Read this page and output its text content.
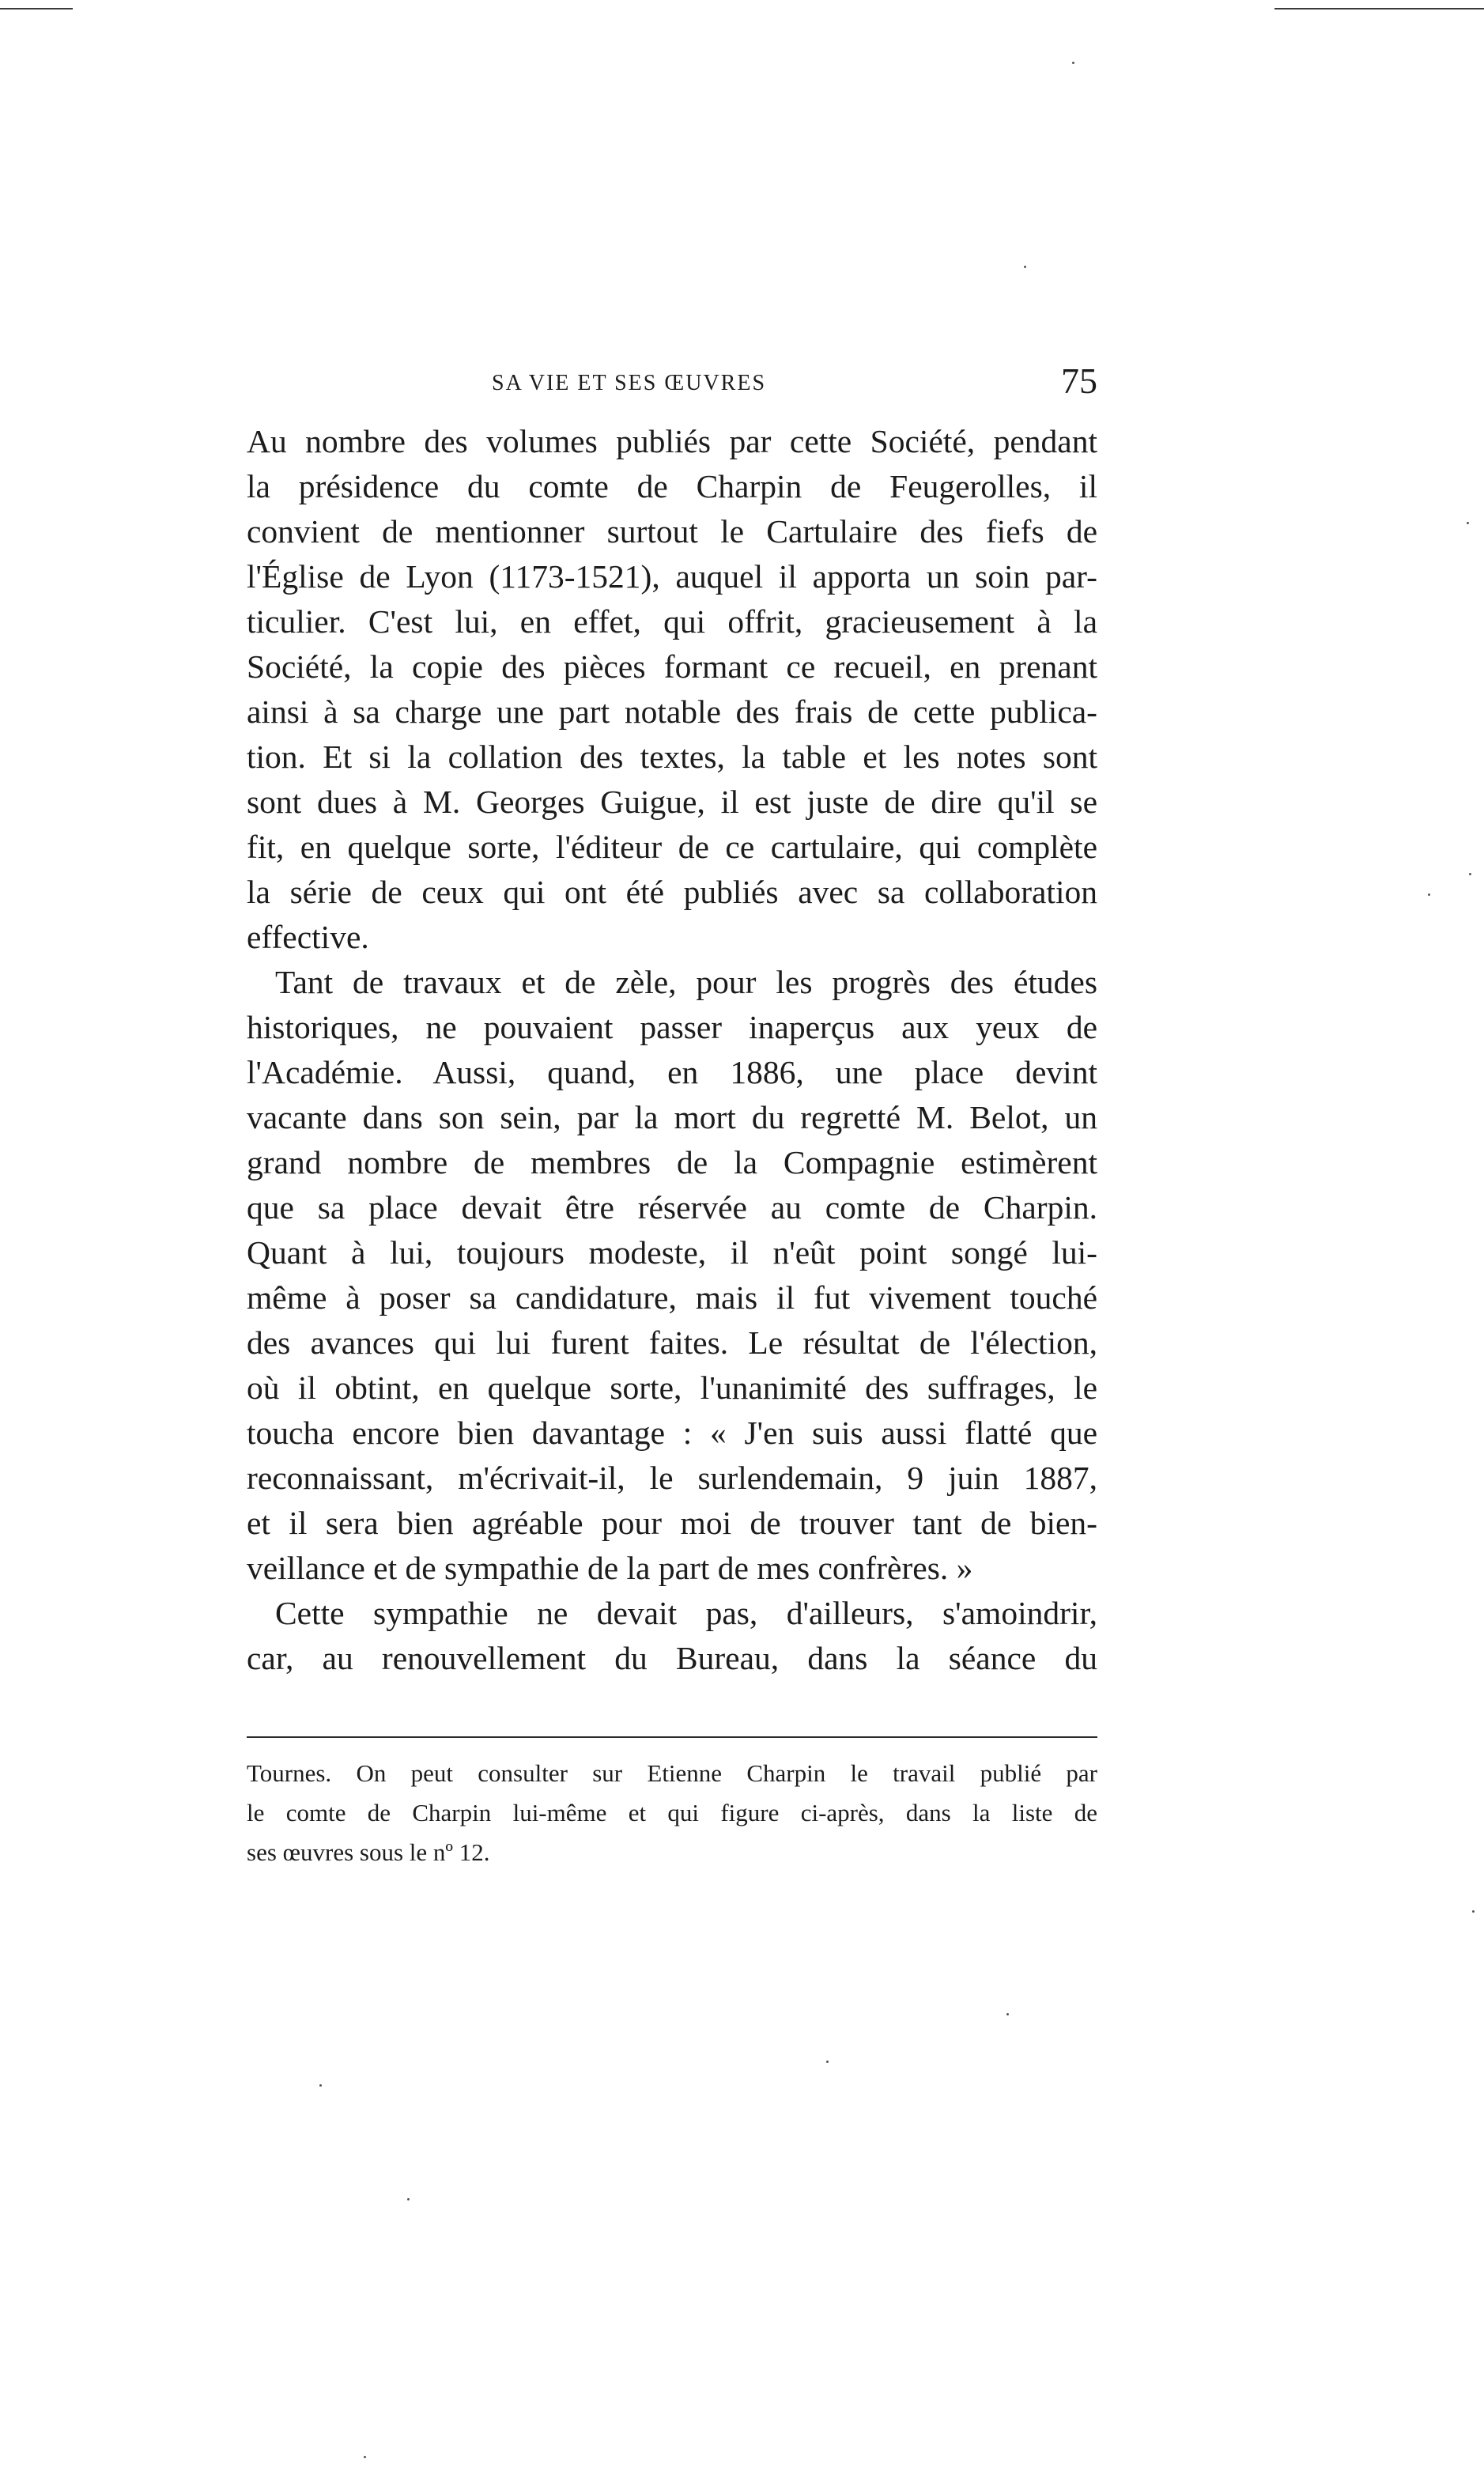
SA VIE ET SES ŒUVRES	75
Au nombre des volumes publiés par cette Société, pendant
la présidence du comte de Charpin de Feugerolles, il
convient de mentionner surtout le Cartulaire des fiefs de
l'Église de Lyon (1173-1521), auquel il apporta un soin par-
ticulier. C'est lui, en effet, qui offrit, gracieusement à la
Société, la copie des pièces formant ce recueil, en prenant
ainsi à sa charge une part notable des frais de cette publica-
tion. Et si la collation des textes, la table et les notes sont
sont dues à M. Georges Guigue, il est juste de dire qu'il se
fit, en quelque sorte, l'éditeur de ce cartulaire, qui complète
la série de ceux qui ont été publiés avec sa collaboration
effective.
Tant de travaux et de zèle, pour les progrès des études
historiques, ne pouvaient passer inaperçus aux yeux de
l'Académie. Aussi, quand, en 1886, une place devint
vacante dans son sein, par la mort du regretté M. Belot, un
grand nombre de membres de la Compagnie estimèrent
que sa place devait être réservée au comte de Charpin.
Quant à lui, toujours modeste, il n'eût point songé lui-
même à poser sa candidature, mais il fut vivement touché
des avances qui lui furent faites. Le résultat de l'élection,
où il obtint, en quelque sorte, l'unanimité des suffrages, le
toucha encore bien davantage : « J'en suis aussi flatté que
reconnaissant, m'écrivait-il, le surlendemain, 9 juin 1887,
et il sera bien agréable pour moi de trouver tant de bien-
veillance et de sympathie de la part de mes confrères. »
Cette sympathie ne devait pas, d'ailleurs, s'amoindrir,
car, au renouvellement du Bureau, dans la séance du
Tournes. On peut consulter sur Etienne Charpin le travail publié par
le comte de Charpin lui-même et qui figure ci-après, dans la liste de
ses œuvres sous le nº 12.
